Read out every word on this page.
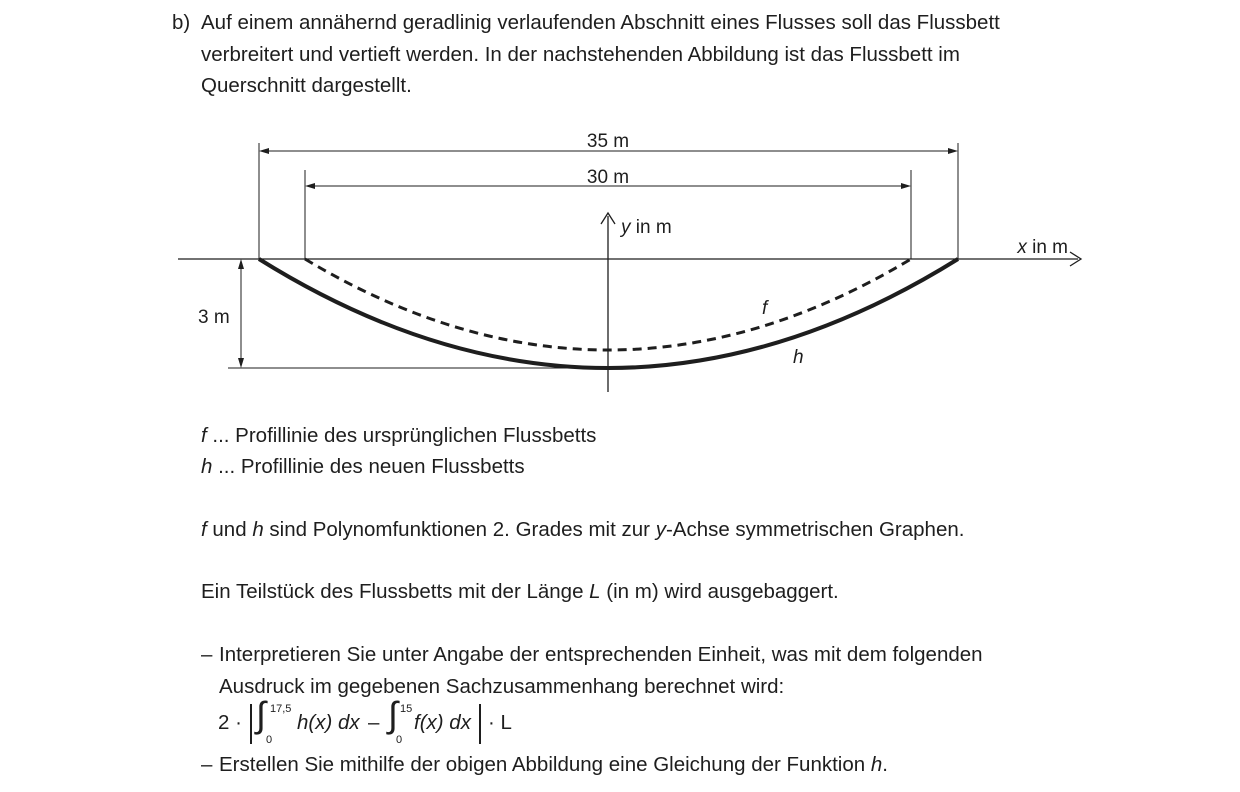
b) Auf einem annähernd geradlinig verlaufenden Abschnitt eines Flusses soll das Flussbett
verbreitert und vertieft werden. In der nachstehenden Abbildung ist das Flussbett im
Querschnitt dargestellt.
35 m
30 m
x in m
y in m
3 m	f
h
f ... Profillinie des ursprünglichen Flussbetts
h ... Profillinie des neuen Flussbetts
f und h sind Polynomfunktionen 2. Grades mit zur y-Achse symmetrischen Graphen.
Ein Teilstück des Flussbetts mit der Länge L (in m) wird ausgebaggert.
– Interpretieren Sie unter Angabe der entsprechenden Einheit, was mit dem folgenden
Ausdruck im gegebenen Sachzusammenhang berechnet wird:
2 · ∫ 17,5
0
h(x) dx – ∫ 15
0
f(x) dx · L
– Erstellen Sie mithilfe der obigen Abbildung eine Gleichung der Funktion h.
